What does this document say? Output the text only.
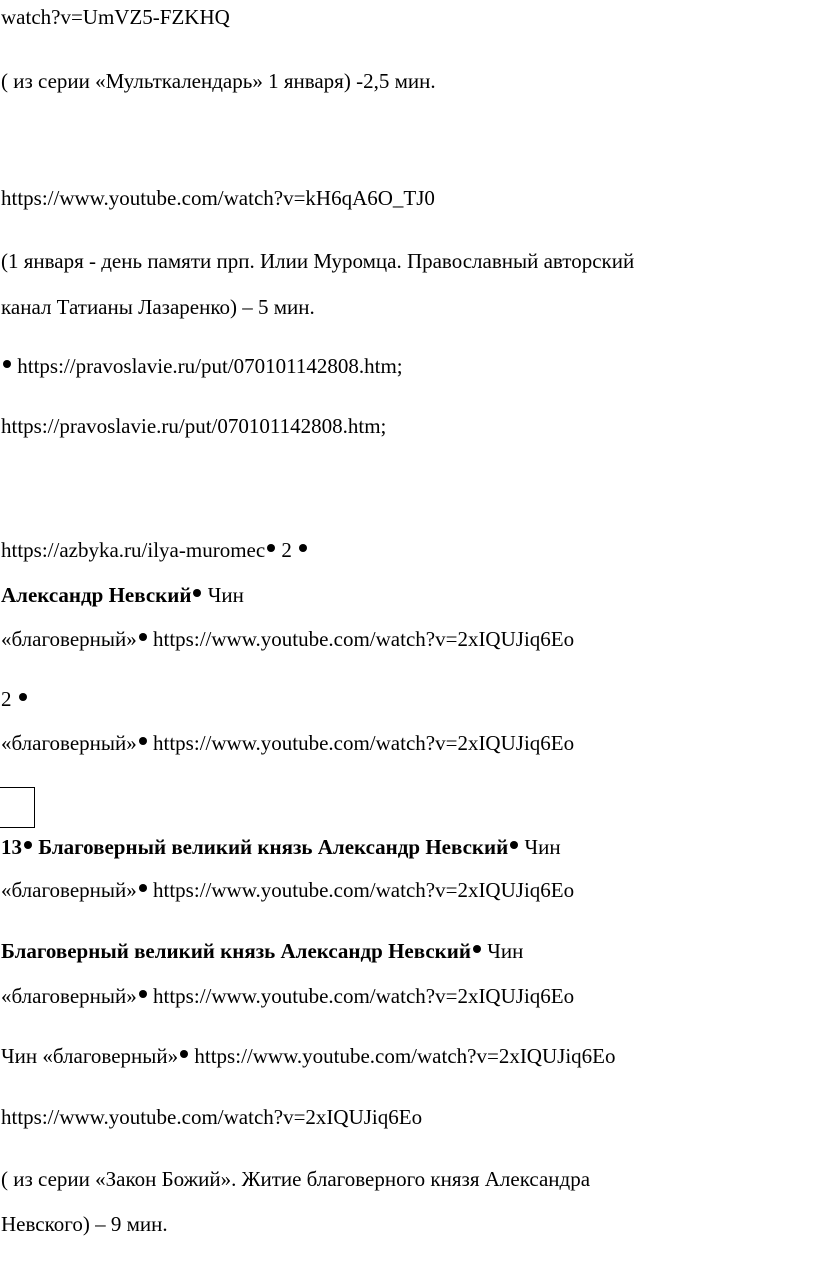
watch?v=UmVZ5-FZKHQ
( из серии «Мульткалендарь» 1 января) -2,5 мин.
https://www.youtube.com/watch?v=kH6qA6O_TJ0
(1 января - день памяти прп. Илии Муромца. Православный авторский
канал Татианы Лазаренко) – 5 мин.
https://pravoslavie.ru/put/070101142808.htm;
https://pravoslavie.ru/put/070101142808.htm;
https://azbyka.ru/ilya-muromec 2
Александр Невский Чин
«благоверный» https://www.youtube.com/watch?v=2xIQUJiq6Eo
2
«благоверный» https://www.youtube.com/watch?v=2xIQUJiq6Eo
13 Благоверный великий князь Александр Невский Чин
«благоверный» https://www.youtube.com/watch?v=2xIQUJiq6Eo
Благоверный великий князь Александр Невский Чин
«благоверный» https://www.youtube.com/watch?v=2xIQUJiq6Eo
Чин «благоверный» https://www.youtube.com/watch?v=2xIQUJiq6Eo
https://www.youtube.com/watch?v=2xIQUJiq6Eo
( из серии «Закон Божий». Житие благоверного князя Александра
Невского) – 9 мин.
